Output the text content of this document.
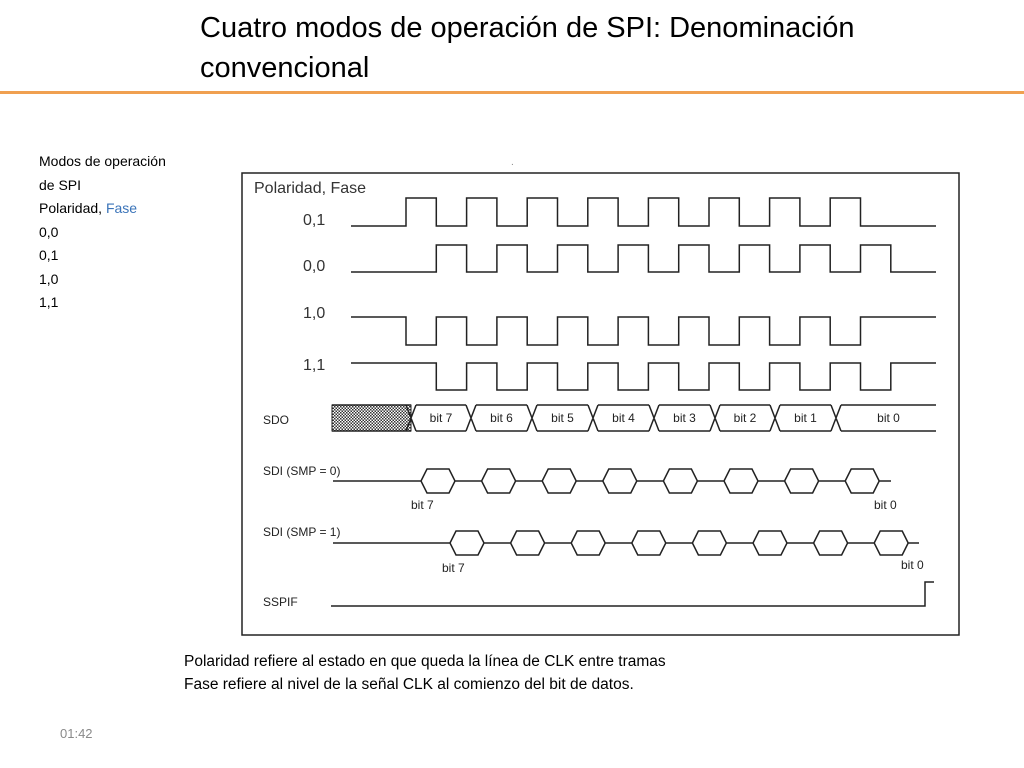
Cuatro modos de operación de SPI: Denominación convencional
Modos de operación
de SPI
Polaridad, Fase
0,0
0,1
1,0
1,1
.
Polaridad, Fase
0,1
0,0
1,0
1,1
SDO	bit 7	bit 6	bit 5	bit 4	bit 3	bit 2	bit 1	bit 0
SDI (SMP = 0)
bit 7	bit 0
SDI (SMP = 1)
bit 7	bit 0
SSPIF
Polaridad refiere al estado en que queda la línea de CLK entre tramas
Fase refiere al nivel de la señal CLK al comienzo del bit de datos.
01:42
